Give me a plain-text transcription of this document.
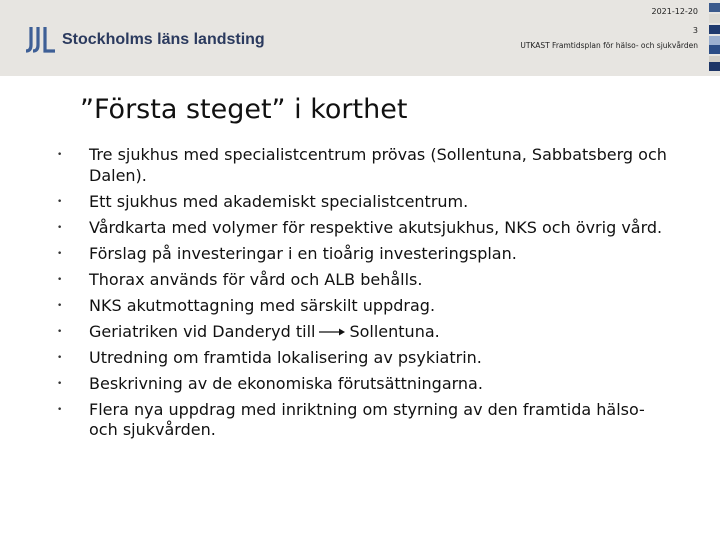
Stockholms läns landsting
2021-12-20
3
UTKAST Framtidsplan för hälso- och sjukvården
”Första steget” i korthet
• Tre sjukhus med specialistcentrum prövas (Sollentuna, Sabbatsberg och Dalen).
• Ett sjukhus med akademiskt specialistcentrum.
• Vårdkarta med volymer för respektive akutsjukhus, NKS och övrig vård.
• Förslag på investeringar i en tioårig investeringsplan.
• Thorax används för vård och ALB behålls.
• NKS akutmottagning med särskilt uppdrag.
• Geriatriken vid Danderyd till Sollentuna.
• Utredning om framtida lokalisering av psykiatrin.
• Beskrivning av de ekonomiska förutsättningarna.
• Flera nya uppdrag med inriktning om styrning av den framtida hälso- och sjukvården.
